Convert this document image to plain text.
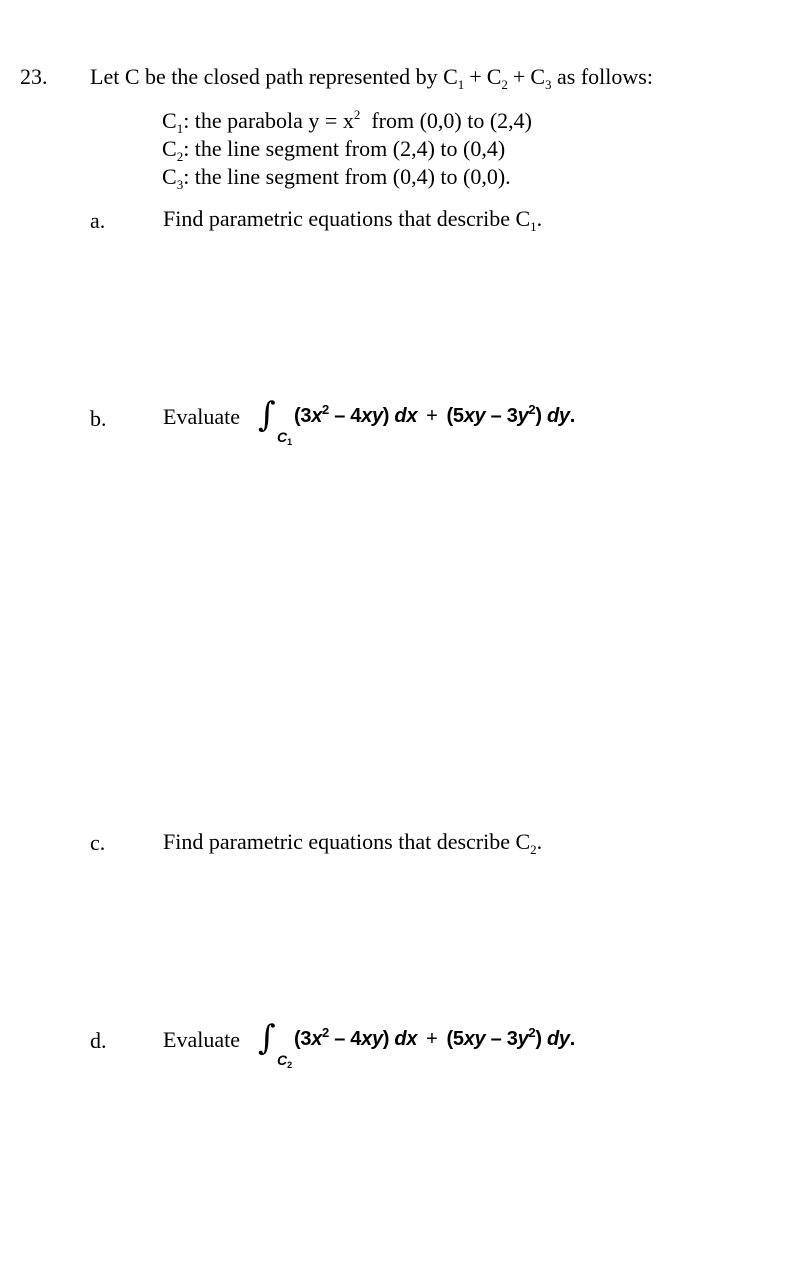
23. Let C be the closed path represented by $C_1 + C_2 + C_3$ as follows:
$C_1$: the parabola $y = x^2$  from (0,0) to (2,4)
$C_2$: the line segment from (2,4) to (0,4)
$C_3$: the line segment from (0,4) to (0,0).
a.	Find parametric equations that describe $C_1$.
b.	Evaluate ∫
$C_1$
$(3x^2 - 4xy)$ dx + $(5xy - 3y^2)$ dy.
c.	Find parametric equations that describe $C_2$.
d.	Evaluate ∫
$C_2$
$(3x^2 - 4xy)$ dx + $(5xy - 3y^2)$ dy.
